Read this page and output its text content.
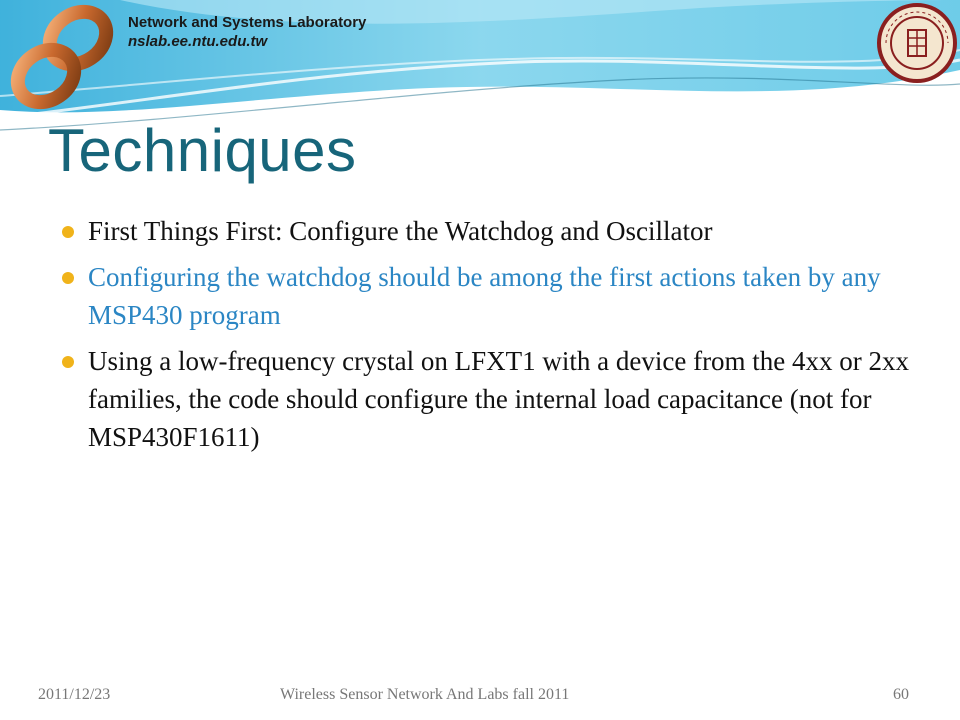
Network and Systems Laboratory
nslab.ee.ntu.edu.tw
Techniques
First Things First: Configure the Watchdog and Oscillator
Configuring the watchdog should be among the first actions taken by any MSP430 program
Using a low-frequency crystal on LFXT1 with a device from the 4xx or 2xx families, the code should configure the internal load capacitance (not for MSP430F1611)
2011/12/23	Wireless Sensor Network And Labs fall 2011	60
